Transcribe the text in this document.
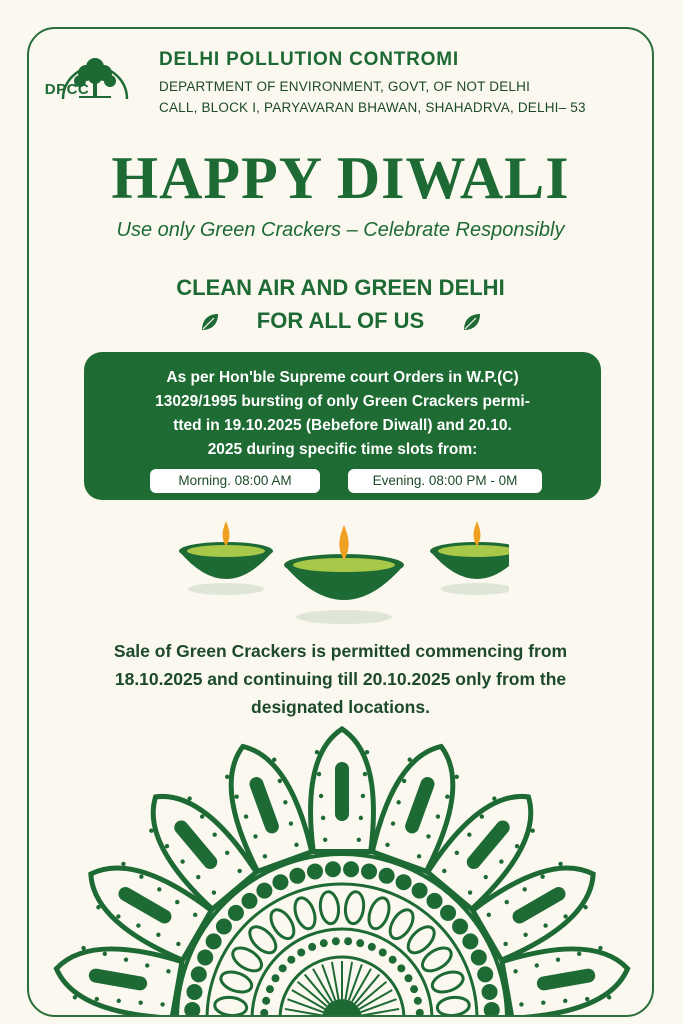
DPCC
DELHI POLLUTION CONTROMI
DEPARTMENT OF ENVIRONMENT, GOVT, OF NOT DELHI
CALL, BLOCK I, PARYAVARAN BHAWAN, SHAHADRVA, DELHI– 53
HAPPY DIWALI
Use only Green Crackers – Celebrate Responsibly
CLEAN AIR AND GREEN DELHI
FOR ALL OF US
As per Hon'ble Supreme court Orders in W.P.(C)
13029/1995 bursting of only Green Crackers permi-
tted in 19.10.2025 (Bebefore Diwall) and 20.10.
2025 during specific time slots from:
Morning. 08:00 AM	Evening. 08:00 PM - 0M
Sale of Green Crackers is permitted commencing from
18.10.2025 and continuing till 20.10.2025 only from the
designated locations.
